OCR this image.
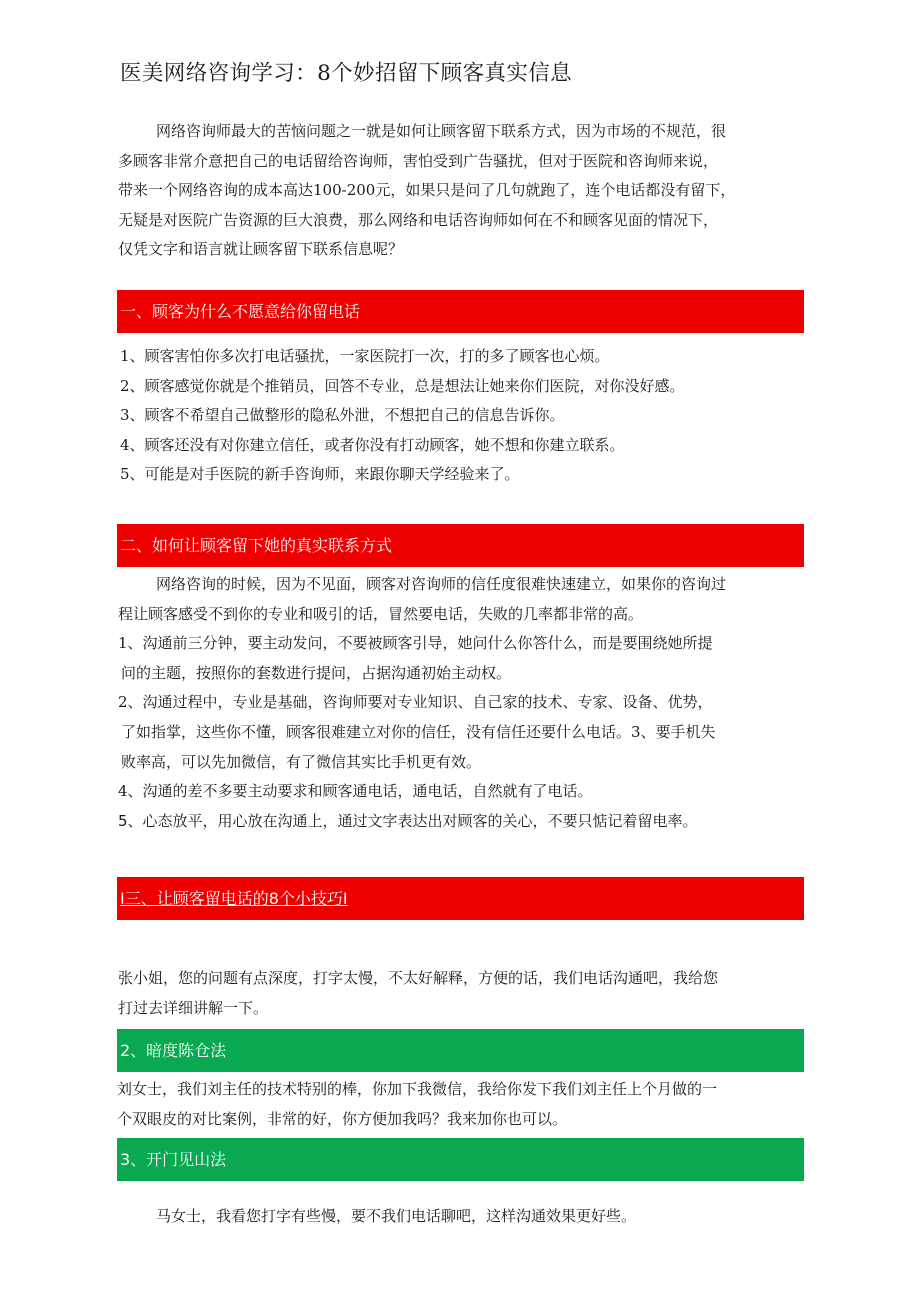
医美网络咨询学习：8个妙招留下顾客真实信息
网络咨询师最大的苦恼问题之一就是如何让顾客留下联系方式，因为市场的不规范，很
多顾客非常介意把自己的电话留给咨询师，害怕受到广告骚扰，但对于医院和咨询师来说，
带来一个网络咨询的成本高达100-200元，如果只是问了几句就跑了，连个电话都没有留下，
无疑是对医院广告资源的巨大浪费，那么网络和电话咨询师如何在不和顾客见面的情况下，
仅凭文字和语言就让顾客留下联系信息呢？
一、顾客为什么不愿意给你留电话
1、顾客害怕你多次打电话骚扰，一家医院打一次，打的多了顾客也心烦。
2、顾客感觉你就是个推销员，回答不专业，总是想法让她来你们医院，对你没好感。
3、顾客不希望自己做整形的隐私外泄，不想把自己的信息告诉你。
4、顾客还没有对你建立信任，或者你没有打动顾客，她不想和你建立联系。
5、可能是对手医院的新手咨询师，来跟你聊天学经验来了。
二、如何让顾客留下她的真实联系方式
网络咨询的时候，因为不见面，顾客对咨询师的信任度很难快速建立，如果你的咨询过
程让顾客感受不到你的专业和吸引的话，冒然要电话，失败的几率都非常的高。
1、沟通前三分钟，要主动发问，不要被顾客引导，她问什么你答什么，而是要围绕她所提
问的主题，按照你的套数进行提问，占据沟通初始主动权。
2、沟通过程中，专业是基础，咨询师要对专业知识、自己家的技术、专家、设备、优势，
了如指掌，这些你不懂，顾客很难建立对你的信任，没有信任还要什么电话。3、要手机失
败率高，可以先加微信，有了微信其实比手机更有效。
4、沟通的差不多要主动要求和顾客通电话，通电话，自然就有了电话。
5、心态放平，用心放在沟通上，通过文字表达出对顾客的关心，不要只惦记着留电率。
I三、让顾客留电话的8个小技巧I
张小姐，您的问题有点深度，打字太慢，不太好解释，方便的话，我们电话沟通吧，我给您
打过去详细讲解一下。
2、暗度陈仓法
刘女士，我们刘主任的技术特别的棒，你加下我微信，我给你发下我们刘主任上个月做的一
个双眼皮的对比案例，非常的好，你方便加我吗？我来加你也可以。
3、开门见山法
马女士，我看您打字有些慢，要不我们电话聊吧，这样沟通效果更好些。
